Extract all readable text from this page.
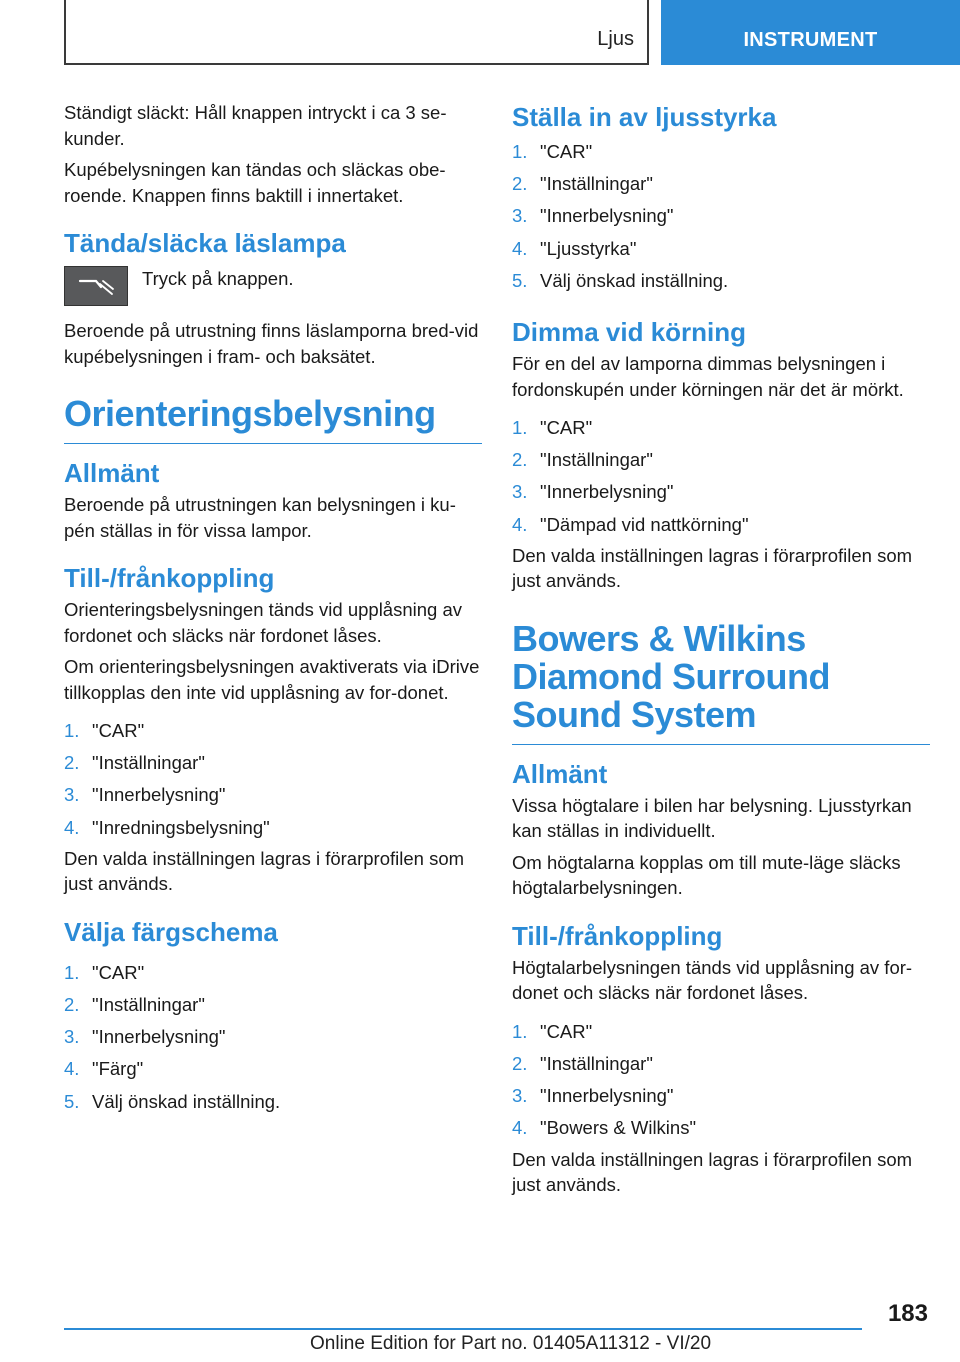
Ljus	INSTRUMENT

Ständigt släckt: Håll knappen intryckt i ca 3 se-kunder.

Kupébelysningen kan tändas och släckas obe-roende. Knappen finns baktill i innertaket.

Tända/släcka läslampa

Tryck på knappen.

Beroende på utrustning finns läslamporna bred-vid kupébelysningen i fram- och baksätet.

Orienteringsbelysning
Allmänt

Beroende på utrustningen kan belysningen i ku-pén ställas in för vissa lampor.

Till-/frånkoppling

Orienteringsbelysningen tänds vid upplåsning av fordonet och släcks när fordonet låses.

Om orienteringsbelysningen avaktiverats via iDrive tillkopplas den inte vid upplåsning av for-donet.

1. "CAR"
2. "Inställningar"
3. "Innerbelysning"
4. "Inredningsbelysning"

Den valda inställningen lagras i förarprofilen som just används.

Välja färgschema
1. "CAR"
2. "Inställningar"
3. "Innerbelysning"
4. "Färg"
5. Välj önskad inställning.
Ställa in av ljusstyrka
1. "CAR"
2. "Inställningar"
3. "Innerbelysning"
4. "Ljusstyrka"
5. Välj önskad inställning.
Dimma vid körning

För en del av lamporna dimmas belysningen i fordonskupén under körningen när det är mörkt.

1. "CAR"
2. "Inställningar"
3. "Innerbelysning"
4. "Dämpad vid nattkörning"

Den valda inställningen lagras i förarprofilen som just används.

Bowers & Wilkins Diamond Surround Sound System
Allmänt

Vissa högtalare i bilen har belysning. Ljusstyrkan kan ställas in individuellt.

Om högtalarna kopplas om till mute-läge släcks högtalarbelysningen.

Till-/frånkoppling

Högtalarbelysningen tänds vid upplåsning av for-donet och släcks när fordonet låses.

1. "CAR"
2. "Inställningar"
3. "Innerbelysning"
4. "Bowers & Wilkins"

Den valda inställningen lagras i förarprofilen som just används.

183
Online Edition for Part no. 01405A11312 - VI/20
